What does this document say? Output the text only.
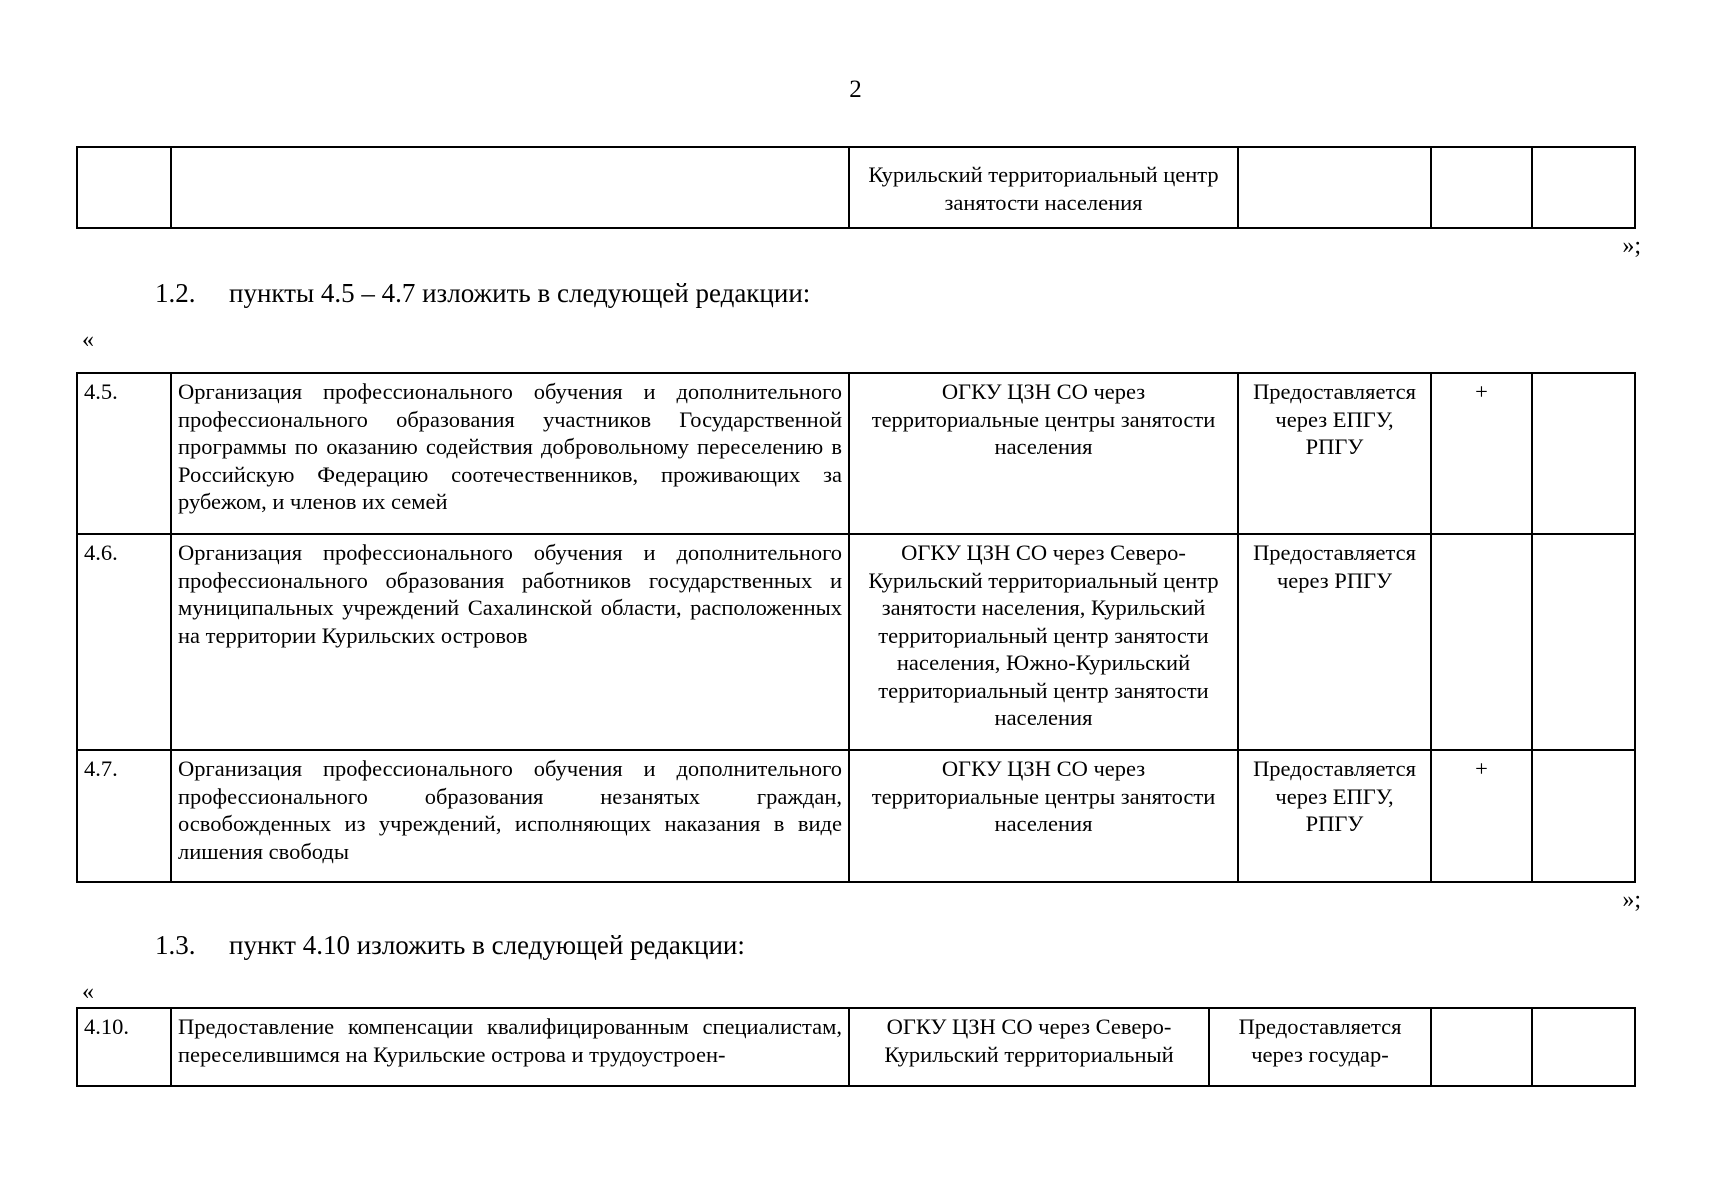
2
		Курильский территориальный центр занятости населения			
»;
1.2. пункты 4.5 – 4.7 изложить в следующей редакции:
«
4.5.	Организация профессионального обучения и дополнительного профессионального образования участников Государственной программы по оказанию содействия добровольному переселению в Российскую Федерацию соотечественников, проживающих за рубежом, и членов их семей	ОГКУ ЦЗН СО через территориальные центры занятости населения	Предоставляется через ЕПГУ, РПГУ	+	
4.6.	Организация профессионального обучения и дополнительного профессионального образования работников государственных и муниципальных учреждений Сахалинской области, расположенных на территории Курильских островов	ОГКУ ЦЗН СО через Северо-Курильский территориальный центр занятости населения, Курильский территориальный центр занятости населения, Южно-Курильский территориальный центр занятости населения	Предоставляется через РПГУ		
4.7.	Организация профессионального обучения и дополнительного профессионального образования незанятых граждан, освобожденных из учреждений, исполняющих наказания в виде лишения свободы	ОГКУ ЦЗН СО через территориальные центры занятости населения	Предоставляется через ЕПГУ, РПГУ	+	
»;
1.3. пункт 4.10 изложить в следующей редакции:
«
4.10.	Предоставление компенсации квалифицированным специалистам, переселившимся на Курильские острова и трудоустроен-	ОГКУ ЦЗН СО через Северо-Курильский территориальный	Предоставляется через государ-		
